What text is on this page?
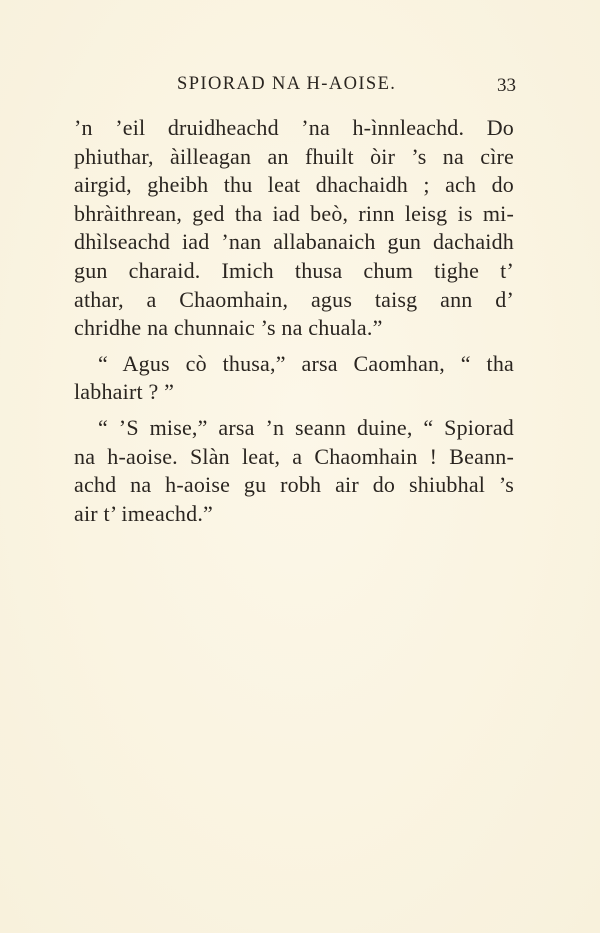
SPIORAD NA H-AOISE.	33
’n ’eil druidheachd ’na h-ìnnleachd. Do
phiuthar, àilleagan an fhuilt òir ’s na cìre
airgid, gheibh thu leat dhachaidh ; ach do
bhràithrean, ged tha iad beò, rinn leisg is mi-
dhìlseachd iad ’nan allabanaich gun dachaidh
gun charaid. Imich thusa chum tighe t’
athar, a Chaomhain, agus taisg ann d’
chridhe na chunnaic ’s na chuala.”
“ Agus cò thusa,” arsa Caomhan, “ tha
labhairt ? ”
“ ’S mise,” arsa ’n seann duine, “ Spiorad
na h-aoise. Slàn leat, a Chaomhain ! Beann-
achd na h-aoise gu robh air do shiubhal ’s
air t’ imeachd.”
